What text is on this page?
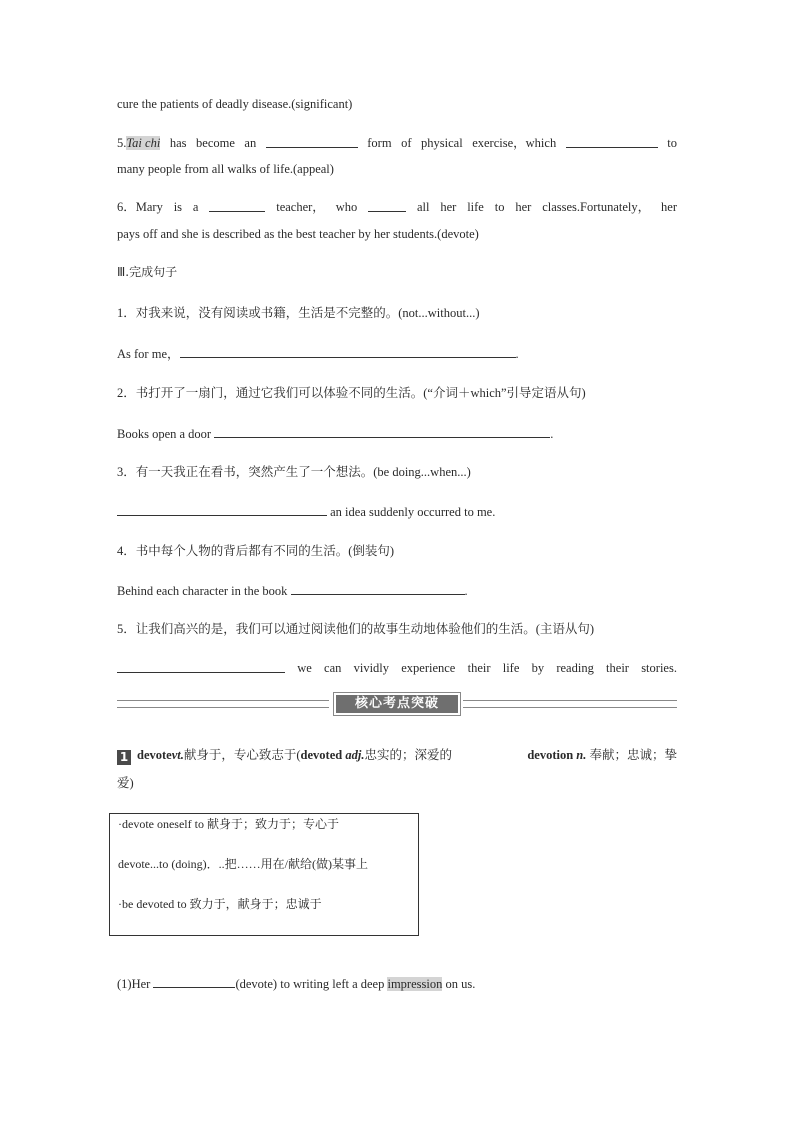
cure the patients of deadly disease.(significant)
5.Tai chi has become an	form of physical exercise，which	to
many people from all walks of life.(appeal)
6．Mary is a	teacher， who	all her life to her classes.Fortunately， her
pays off and she is described as the best teacher by her students.(devote)
Ⅲ.完成句子
1．对我来说，没有阅读或书籍，生活是不完整的。(not...without...)
As for me，	.
2．书打开了一扇门，通过它我们可以体验不同的生活。(“介词＋which”引导定语从句)
Books open a door	.
3．有一天我正在看书，突然产生了一个想法。(be doing...when...)
an idea suddenly occurred to me.
4．书中每个人物的背后都有不同的生活。(倒装句)
Behind each character in the book	.
5．让我们高兴的是，我们可以通过阅读他们的故事生动地体验他们的生活。(主语从句)
we can vividly experience their life by reading their stories.
核心考点突破
1 devotevt.献身于，专心致志于(devoted adj.忠实的；深爱的	devotion n. 奉献；忠诚；挚
爱)
·devote oneself to 献身于；致力于；专心于
devote...to (doing)．..把……用在/献给(做)某事上
·be devoted to 致力于，献身于；忠诚于
(1)Her	(devote) to writing left a deep impression on us.
